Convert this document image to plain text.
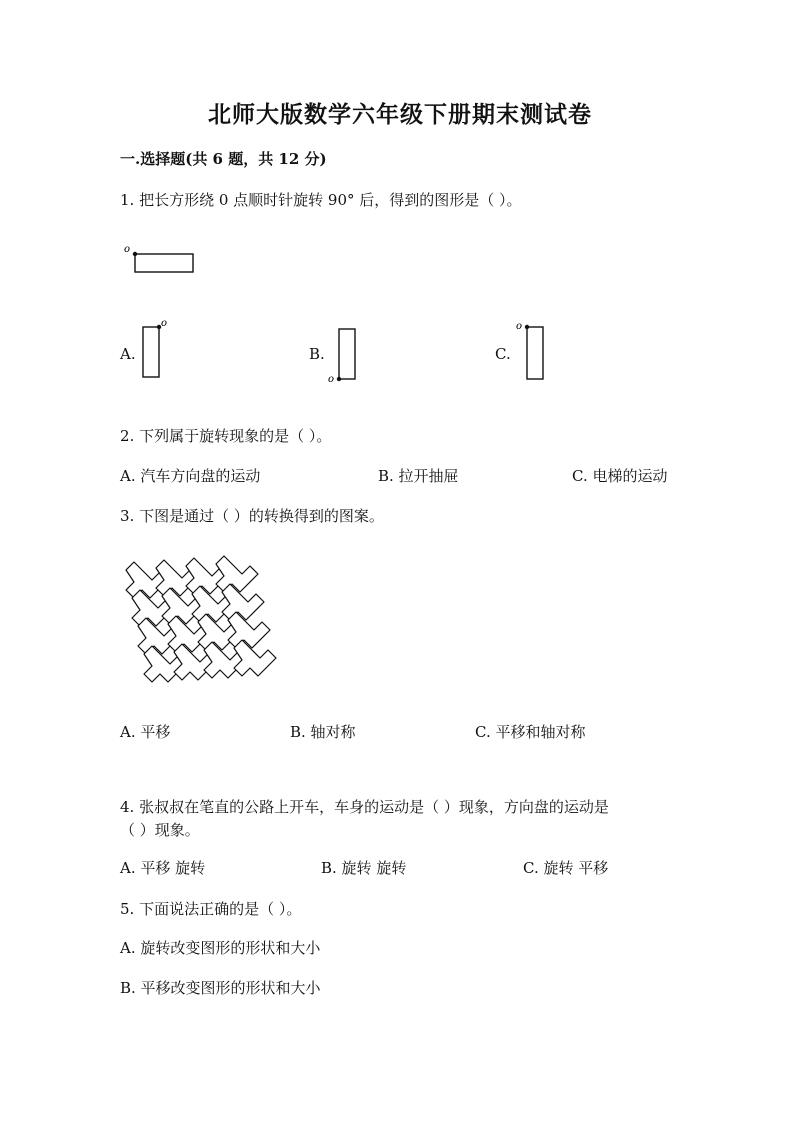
北师大版数学六年级下册期末测试卷
一.选择题(共 6 题，共 12 分)
1. 把长方形绕 0 点顺时针旋转 90° 后，得到的图形是（ ）。
o
A.
o
B.
o
C.
o
2. 下列属于旋转现象的是（ ）。
A. 汽车方向盘的运动	B. 拉开抽屉	C. 电梯的运动
3. 下图是通过（ ）的转换得到的图案。
A. 平移	B. 轴对称	C. 平移和轴对称
4. 张叔叔在笔直的公路上开车，车身的运动是（ ）现象，方向盘的运动是
（ ）现象。
A. 平移 旋转	B. 旋转 旋转	C. 旋转 平移
5. 下面说法正确的是（ ）。
A. 旋转改变图形的形状和大小
B. 平移改变图形的形状和大小
